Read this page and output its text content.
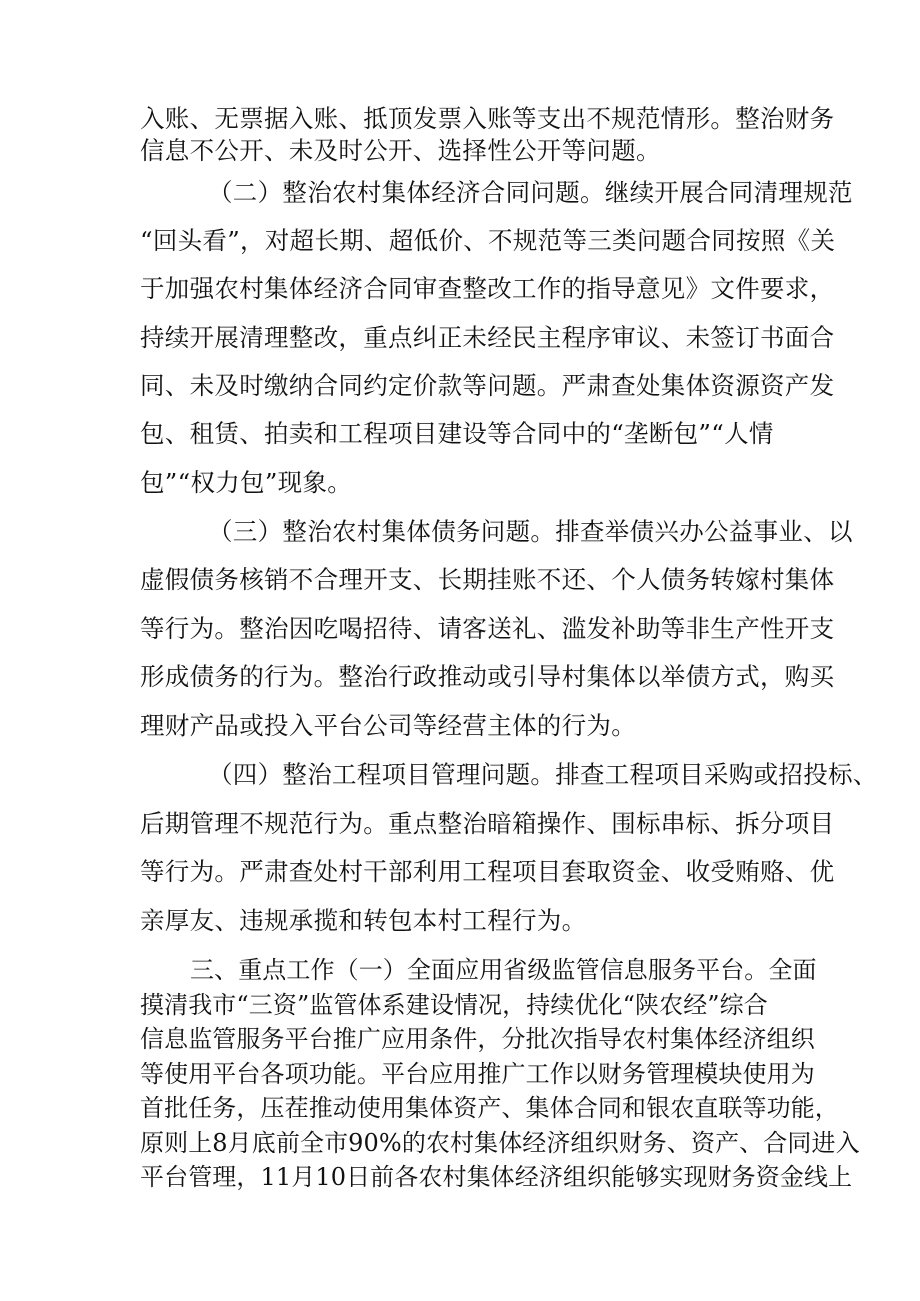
入账、无票据入账、抵顶发票入账等支出不规范情形。整治财务
信息不公开、未及时公开、选择性公开等问题。
（二）整治农村集体经济合同问题。继续开展合同清理规范
“回头看”，对超长期、超低价、不规范等三类问题合同按照《关
于加强农村集体经济合同审查整改工作的指导意见》文件要求，
持续开展清理整改，重点纠正未经民主程序审议、未签订书面合
同、未及时缴纳合同约定价款等问题。严肃查处集体资源资产发
包、租赁、拍卖和工程项目建设等合同中的“垄断包”“人情
包”“权力包”现象。
（三）整治农村集体债务问题。排查举债兴办公益事业、以
虚假债务核销不合理开支、长期挂账不还、个人债务转嫁村集体
等行为。整治因吃喝招待、请客送礼、滥发补助等非生产性开支
形成债务的行为。整治行政推动或引导村集体以举债方式，购买
理财产品或投入平台公司等经营主体的行为。
（四）整治工程项目管理问题。排查工程项目采购或招投标、
后期管理不规范行为。重点整治暗箱操作、围标串标、拆分项目
等行为。严肃查处村干部利用工程项目套取资金、收受贿赂、优
亲厚友、违规承揽和转包本村工程行为。
三、重点工作（一）全面应用省级监管信息服务平台。全面
摸清我市“三资”监管体系建设情况，持续优化“陕农经”综合
信息监管服务平台推广应用条件，分批次指导农村集体经济组织
等使用平台各项功能。平台应用推广工作以财务管理模块使用为
首批任务，压茬推动使用集体资产、集体合同和银农直联等功能，
原则上8月底前全市90%的农村集体经济组织财务、资产、合同进入
平台管理，11月10日前各农村集体经济组织能够实现财务资金线上
